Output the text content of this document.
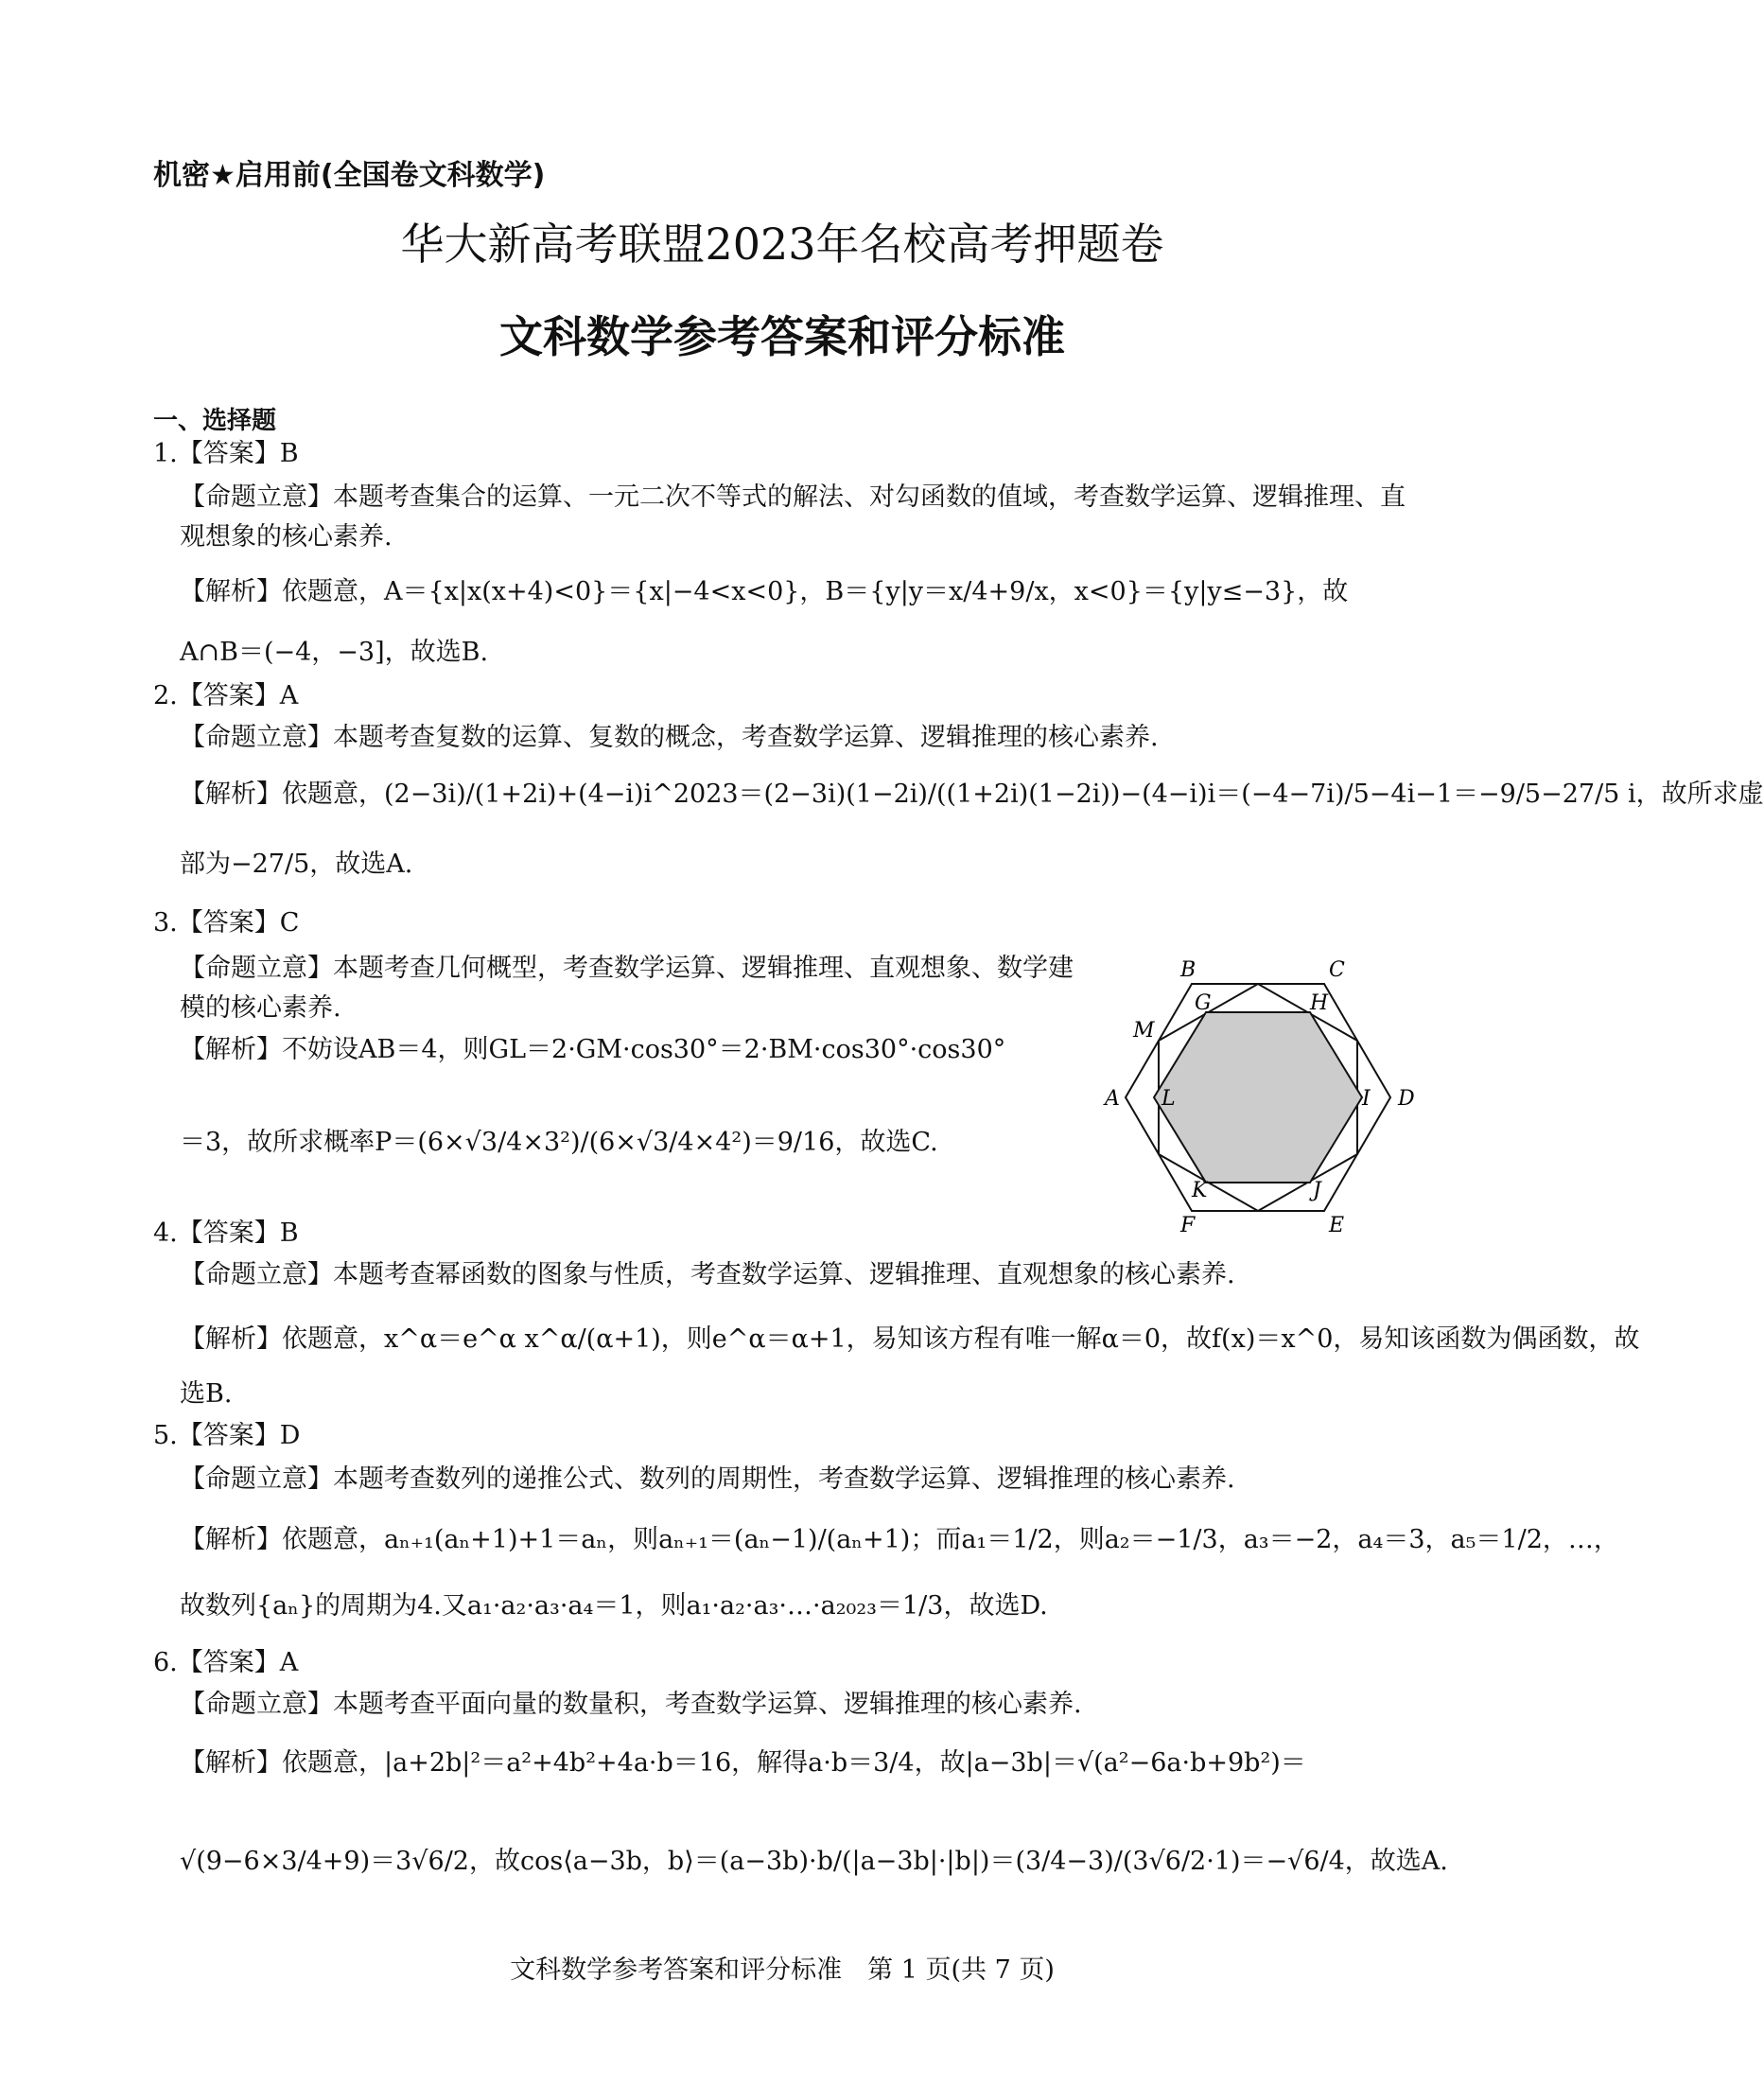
机密★启用前(全国卷文科数学)
华大新高考联盟2023年名校高考押题卷
文科数学参考答案和评分标准
一、选择题
1.【答案】B
【命题立意】本题考查集合的运算、一元二次不等式的解法、对勾函数的值域，考查数学运算、逻辑推理、直
观想象的核心素养.
【解析】依题意，A＝{x|x(x+4)<0}＝{x|−4<x<0}，B＝{y|y＝x/4+9/x，x<0}＝{y|y≤−3}，故
A∩B＝(−4，−3]，故选B.
2.【答案】A
【命题立意】本题考查复数的运算、复数的概念，考查数学运算、逻辑推理的核心素养.
【解析】依题意，(2−3i)/(1+2i)+(4−i)i^2023＝(2−3i)(1−2i)/((1+2i)(1−2i))−(4−i)i＝(−4−7i)/5−4i−1＝−9/5−27/5 i，故所求虚
部为−27/5，故选A.
3.【答案】C
【命题立意】本题考查几何概型，考查数学运算、逻辑推理、直观想象、数学建
模的核心素养.
【解析】不妨设AB＝4，则GL＝2·GM·cos30°＝2·BM·cos30°·cos30°
＝3，故所求概率P＝(6×√3/4×3²)/(6×√3/4×4²)＝9/16，故选C.
B	C
G	H
M
A L	I D
K	J
F	E
4.【答案】B
【命题立意】本题考查幂函数的图象与性质，考查数学运算、逻辑推理、直观想象的核心素养.
【解析】依题意，x^α＝e^α x^α/(α+1)，则e^α＝α+1，易知该方程有唯一解α＝0，故f(x)＝x^0，易知该函数为偶函数，故
选B.
5.【答案】D
【命题立意】本题考查数列的递推公式、数列的周期性，考查数学运算、逻辑推理的核心素养.
【解析】依题意，aₙ₊₁(aₙ+1)+1＝aₙ，则aₙ₊₁＝(aₙ−1)/(aₙ+1)；而a₁＝1/2，则a₂＝−1/3，a₃＝−2，a₄＝3，a₅＝1/2，…，
故数列{aₙ}的周期为4.又a₁·a₂·a₃·a₄＝1，则a₁·a₂·a₃·…·a₂₀₂₃＝1/3，故选D.
6.【答案】A
【命题立意】本题考查平面向量的数量积，考查数学运算、逻辑推理的核心素养.
【解析】依题意，|a+2b|²＝a²+4b²+4a·b＝16，解得a·b＝3/4，故|a−3b|＝√(a²−6a·b+9b²)＝
√(9−6×3/4+9)＝3√6/2，故cos⟨a−3b，b⟩＝(a−3b)·b/(|a−3b|·|b|)＝(3/4−3)/(3√6/2·1)＝−√6/4，故选A.
文科数学参考答案和评分标准　第 1 页(共 7 页)
